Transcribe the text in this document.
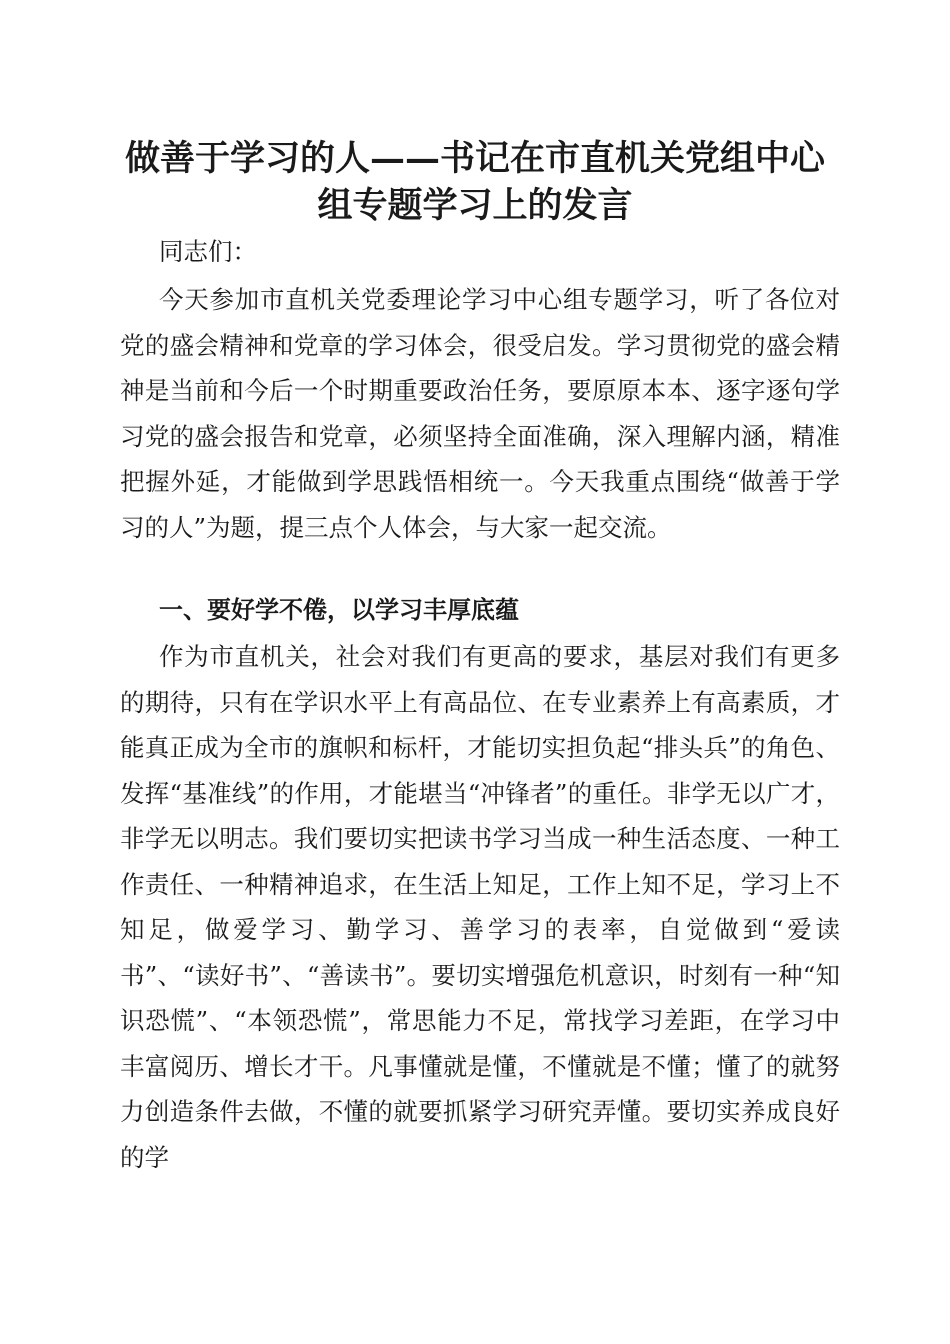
做善于学习的人——书记在市直机关党组中心
组专题学习上的发言

同志们：

今天参加市直机关党委理论学习中心组专题学习，听了各位对党的盛会精神和党章的学习体会，很受启发。学习贯彻党的盛会精神是当前和今后一个时期重要政治任务，要原原本本、逐字逐句学习党的盛会报告和党章，必须坚持全面准确，深入理解内涵，精准把握外延，才能做到学思践悟相统一。今天我重点围绕“做善于学习的人”为题，提三点个人体会，与大家一起交流。

一、要好学不倦，以学习丰厚底蕴

作为市直机关，社会对我们有更高的要求，基层对我们有更多的期待，只有在学识水平上有高品位、在专业素养上有高素质，才能真正成为全市的旗帜和标杆，才能切实担负起“排头兵”的角色、发挥“基准线”的作用，才能堪当“冲锋者”的重任。非学无以广才，非学无以明志。我们要切实把读书学习当成一种生活态度、一种工作责任、一种精神追求，在生活上知足，工作上知不足，学习上不知足，做爱学习、勤学习、善学习的表率，自觉做到“爱读书”、“读好书”、“善读书”。要切实增强危机意识，时刻有一种“知识恐慌”、“本领恐慌”，常思能力不足，常找学习差距，在学习中丰富阅历、增长才干。凡事懂就是懂，不懂就是不懂；懂了的就努力创造条件去做，不懂的就要抓紧学习研究弄懂。要切实养成良好的学
